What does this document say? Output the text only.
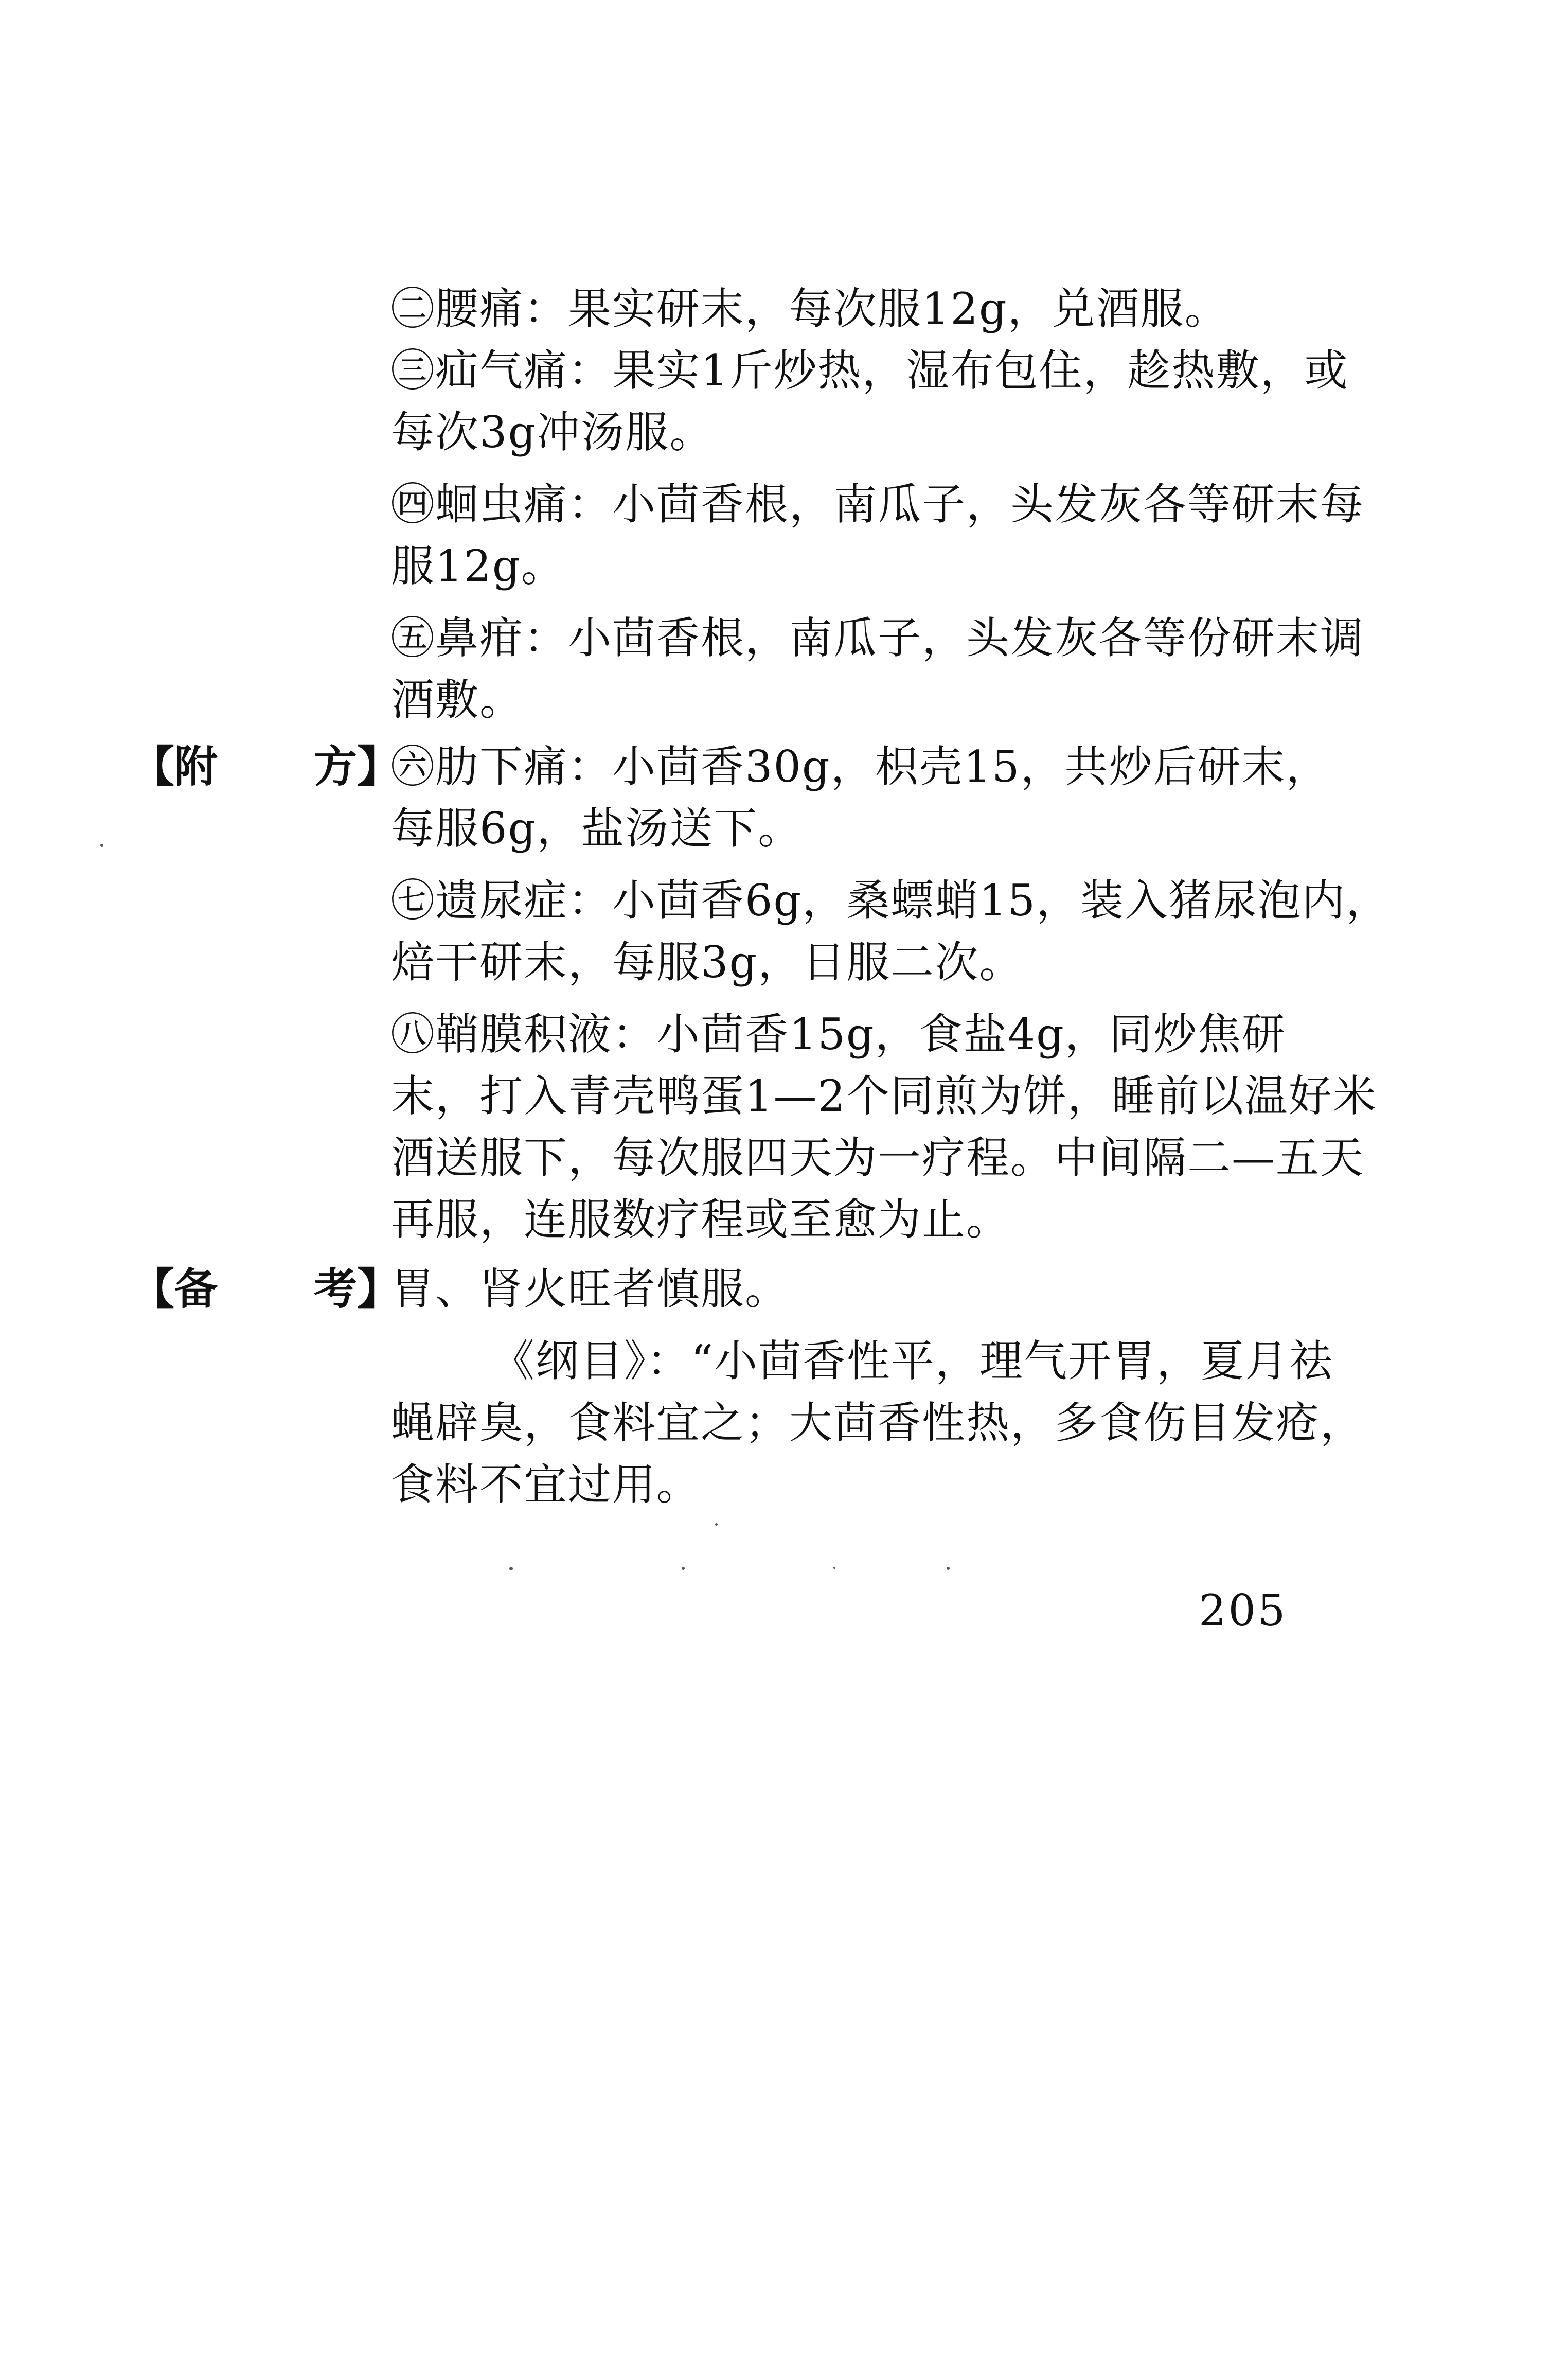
㊁腰痛：果实研末，每次服12g，兑酒服。
㊂疝气痛：果实1斤炒热，湿布包住，趁热敷，或
每次3g冲汤服。
㊃蛔虫痛：小茴香根，南瓜子，头发灰各等研末每
服12g。
㊄鼻疳：小茴香根，南瓜子，头发灰各等份研末调
酒敷。
【附 方】
㊅肋下痛：小茴香30g，枳壳15，共炒后研末，
每服6g，盐汤送下。
㊆遗尿症：小茴香6g，桑螵蛸15，装入猪尿泡内，
焙干研末，每服3g，日服二次。
㊇鞘膜积液：小茴香15g，食盐4g，同炒焦研
末，打入青壳鸭蛋1—2个同煎为饼，睡前以温好米
酒送服下，每次服四天为一疗程。中间隔二—五天
再服，连服数疗程或至愈为止。
【备 考】
胃、肾火旺者慎服。
《纲目》：“小茴香性平，理气开胃，夏月祛
蝇辟臭，食料宜之；大茴香性热，多食伤目发疮，
食料不宜过用。
205
